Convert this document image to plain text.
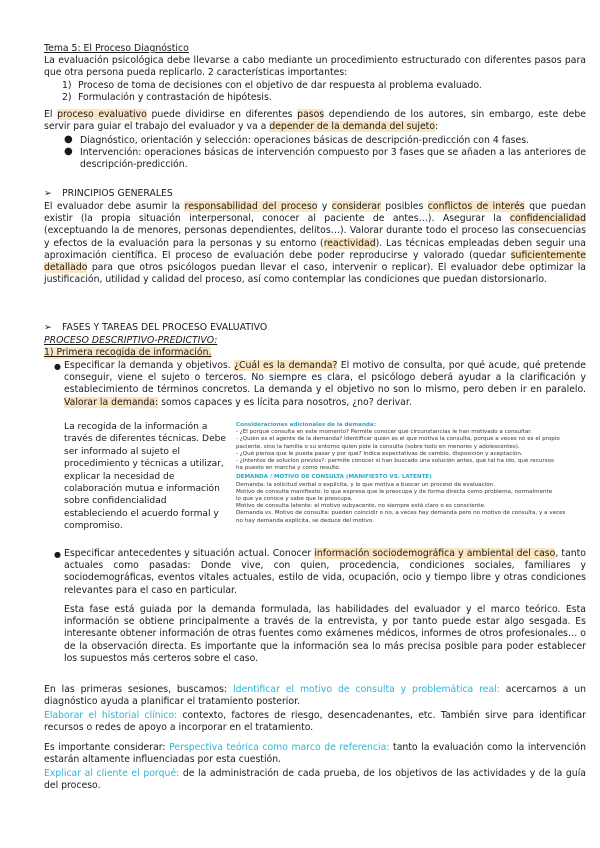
Tema 5: El Proceso Diagnóstico
La evaluación psicológica debe llevarse a cabo mediante un procedimiento estructurado con diferentes pasos para que otra persona pueda replicarlo. 2 características importantes:
1) Proceso de toma de decisiones con el objetivo de dar respuesta al problema evaluado.
2) Formulación y contrastación de hipótesis.
El proceso evaluativo puede dividirse en diferentes pasos dependiendo de los autores, sin embargo, este debe servir para guiar el trabajo del evaluador y va a depender de la demanda del sujeto:
● Diagnóstico, orientación y selección: operaciones básicas de descripción-predicción con 4 fases.
● Intervención: operaciones básicas de intervención compuesto por 3 fases que se añaden a las anteriores de descripción-predicción.
➢ PRINCIPIOS GENERALES
El evaluador debe asumir la responsabilidad del proceso y considerar posibles conflictos de interés que puedan existir (la propia situación interpersonal, conocer al paciente de antes…). Asegurar la confidencialidad (exceptuando la de menores, personas dependientes, delitos…). Valorar durante todo el proceso las consecuencias y efectos de la evaluación para la personas y su entorno (reactividad). Las técnicas empleadas deben seguir una aproximación científica. El proceso de evaluación debe poder reproducirse y valorado (quedar suficientemente detallado para que otros psicólogos puedan llevar el caso, intervenir o replicar). El evaluador debe optimizar la justificación, utilidad y calidad del proceso, así como contemplar las condiciones que puedan distorsionarlo.
➢ FASES Y TAREAS DEL PROCESO EVALUATIVO
PROCESO DESCRIPTIVO-PREDICTIVO:
1) Primera recogida de información.
● Especificar la demanda y objetivos. ¿Cuál es la demanda? El motivo de consulta, por qué acude, qué pretende conseguir, viene el sujeto o terceros. No siempre es clara, el psicólogo deberá ayudar a la clarificación y establecimiento de términos concretos. La demanda y el objetivo no son lo mismo, pero deben ir en paralelo. Valorar la demanda: somos capaces y es lícita para nosotros, ¿no? derivar.
La recogida de la información a través de diferentes técnicas. Debe ser informado al sujeto el procedimiento y técnicas a utilizar, explicar la necesidad de colaboración mutua e información sobre confidencialidad estableciendo el acuerdo formal y compromiso.
Consideraciones adicionales de la demanda:
- ¿El porqué consulta en este momento? Permite conocer qué circunstancias le han motivado a consultar.
- ¿Quién es el agente de la demanda? Identificar quién es el que motiva la consulta, porque a veces no es el propio
paciente, sino la familia o su entorno quien pide la consulta (sobre todo en menores y adolescentes).
- ¿Qué piensa que le pueda pasar y por qué? Indica expectativas de cambio, disposición y aceptación.
- ¿Intentos de solución previos?: permite conocer si han buscado una solución antes, qué tal ha ido, qué recursos
ha puesto en marcha y cómo resultó.
DEMANDA / MOTIVO DE CONSULTA (MANIFIESTO VS. LATENTE)
Demanda: la solicitud verbal o explícita, y lo que motiva a buscar un proceso de evaluación.
Motivo de consulta manifiesto: lo que expresa que le preocupa y de forma directa como problema, normalmente
lo que ya conoce y sabe que le preocupa.
Motivo de consulta latente: el motivo subyacente, no siempre está claro o es consciente.
Demanda vs. Motivo de consulta: pueden coincidir o no, a veces hay demanda pero no motivo de consulta, y a veces
no hay demanda explícita, se deduce del motivo.
● Especificar antecedentes y situación actual. Conocer información sociodemográfica y ambiental del caso, tanto actuales como pasadas: Donde vive, con quien, procedencia, condiciones sociales, familiares y sociodemográficas, eventos vitales actuales, estilo de vida, ocupación, ocio y tiempo libre y otras condiciones relevantes para el caso en particular.
Esta fase está guiada por la demanda formulada, las habilidades del evaluador y el marco teórico. Esta información se obtiene principalmente a través de la entrevista, y por tanto puede estar algo sesgada. Es interesante obtener información de otras fuentes como exámenes médicos, informes de otros profesionales… o de la observación directa. Es importante que la información sea lo más precisa posible para poder establecer los supuestos más certeros sobre el caso.
En las primeras sesiones, buscamos: Identificar el motivo de consulta y problemática real: acercarnos a un diagnóstico ayuda a planificar el tratamiento posterior.
Elaborar el historial clínico: contexto, factores de riesgo, desencadenantes, etc. También sirve para identificar recursos o redes de apoyo a incorporar en el tratamiento.
Es importante considerar: Perspectiva teórica como marco de referencia: tanto la evaluación como la intervención estarán altamente influenciadas por esta cuestión.
Explicar al cliente el porqué: de la administración de cada prueba, de los objetivos de las actividades y de la guía del proceso.
